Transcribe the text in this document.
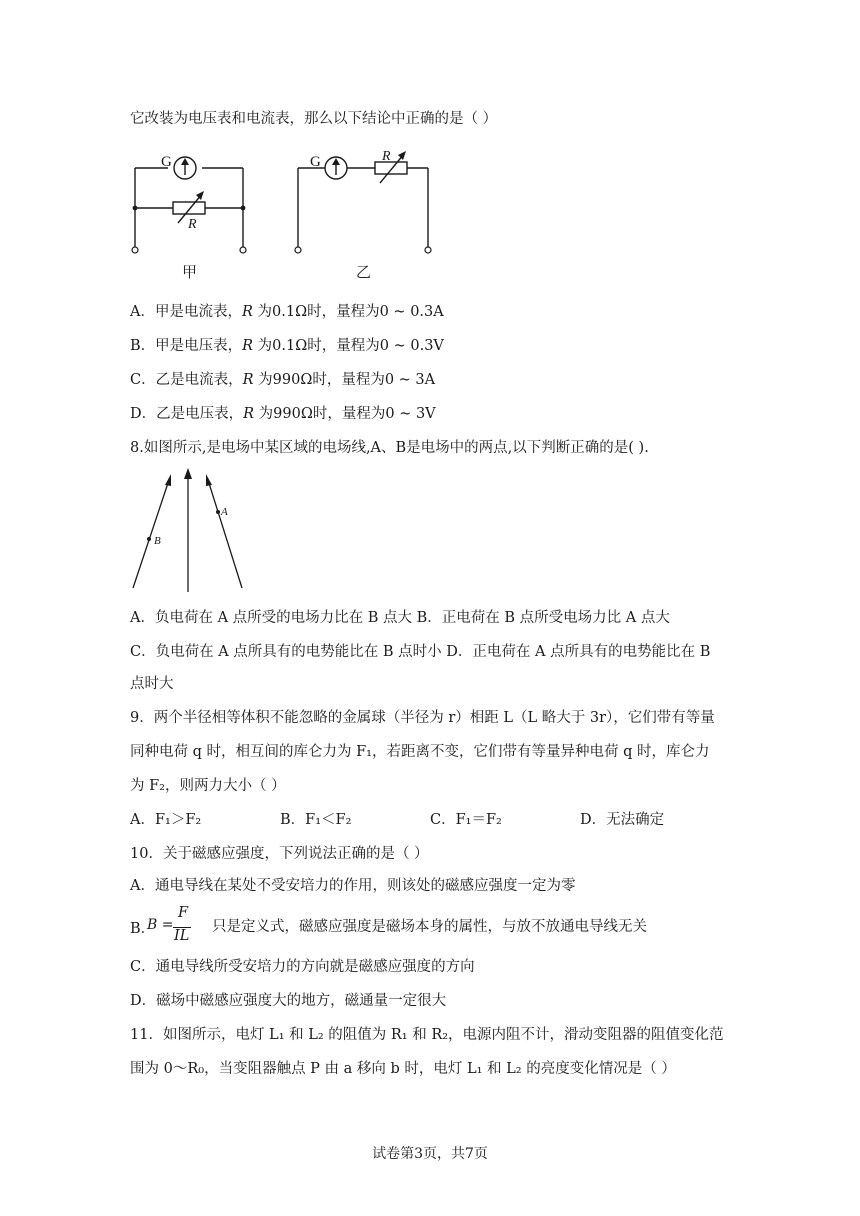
它改装为电压表和电流表，那么以下结论中正确的是（ ）
G
R
G	R
甲	乙
A．甲是电流表，R 为0.1Ω时，量程为0 ~ 0.3A
B．甲是电压表，R 为0.1Ω时，量程为0 ~ 0.3V
C．乙是电流表，R 为990Ω时，量程为0 ~ 3A
D．乙是电压表，R 为990Ω时，量程为0 ~ 3V
8.如图所示,是电场中某区域的电场线,A、B是电场中的两点,以下判断正确的是( ).
B
A
A．负电荷在 A 点所受的电场力比在 B 点大 B．正电荷在 B 点所受电场力比 A 点大
C．负电荷在 A 点所具有的电势能比在 B 点时小 D．正电荷在 A 点所具有的电势能比在 B
点时大
9．两个半径相等体积不能忽略的金属球（半径为 r）相距 L（L 略大于 3r），它们带有等量
同种电荷 q 时，相互间的库仑力为 F₁，若距离不变，它们带有等量异种电荷 q 时，库仑力
为 F₂，则两力大小（ ）
A．F₁＞F₂	B．F₁＜F₂	C．F₁＝F₂	D．无法确定
10．关于磁感应强度，下列说法正确的是（ ）
A．通电导线在某处不受安培力的作用，则该处的磁感应强度一定为零
B．
B =
F
IL
只是定义式，磁感应强度是磁场本身的属性，与放不放通电导线无关
C．通电导线所受安培力的方向就是磁感应强度的方向
D．磁场中磁感应强度大的地方，磁通量一定很大
11．如图所示，电灯 L₁ 和 L₂ 的阻值为 R₁ 和 R₂，电源内阻不计，滑动变阻器的阻值变化范
围为 0～R₀，当变阻器触点 P 由 a 移向 b 时，电灯 L₁ 和 L₂ 的亮度变化情况是（ ）
试卷第3页，共7页
